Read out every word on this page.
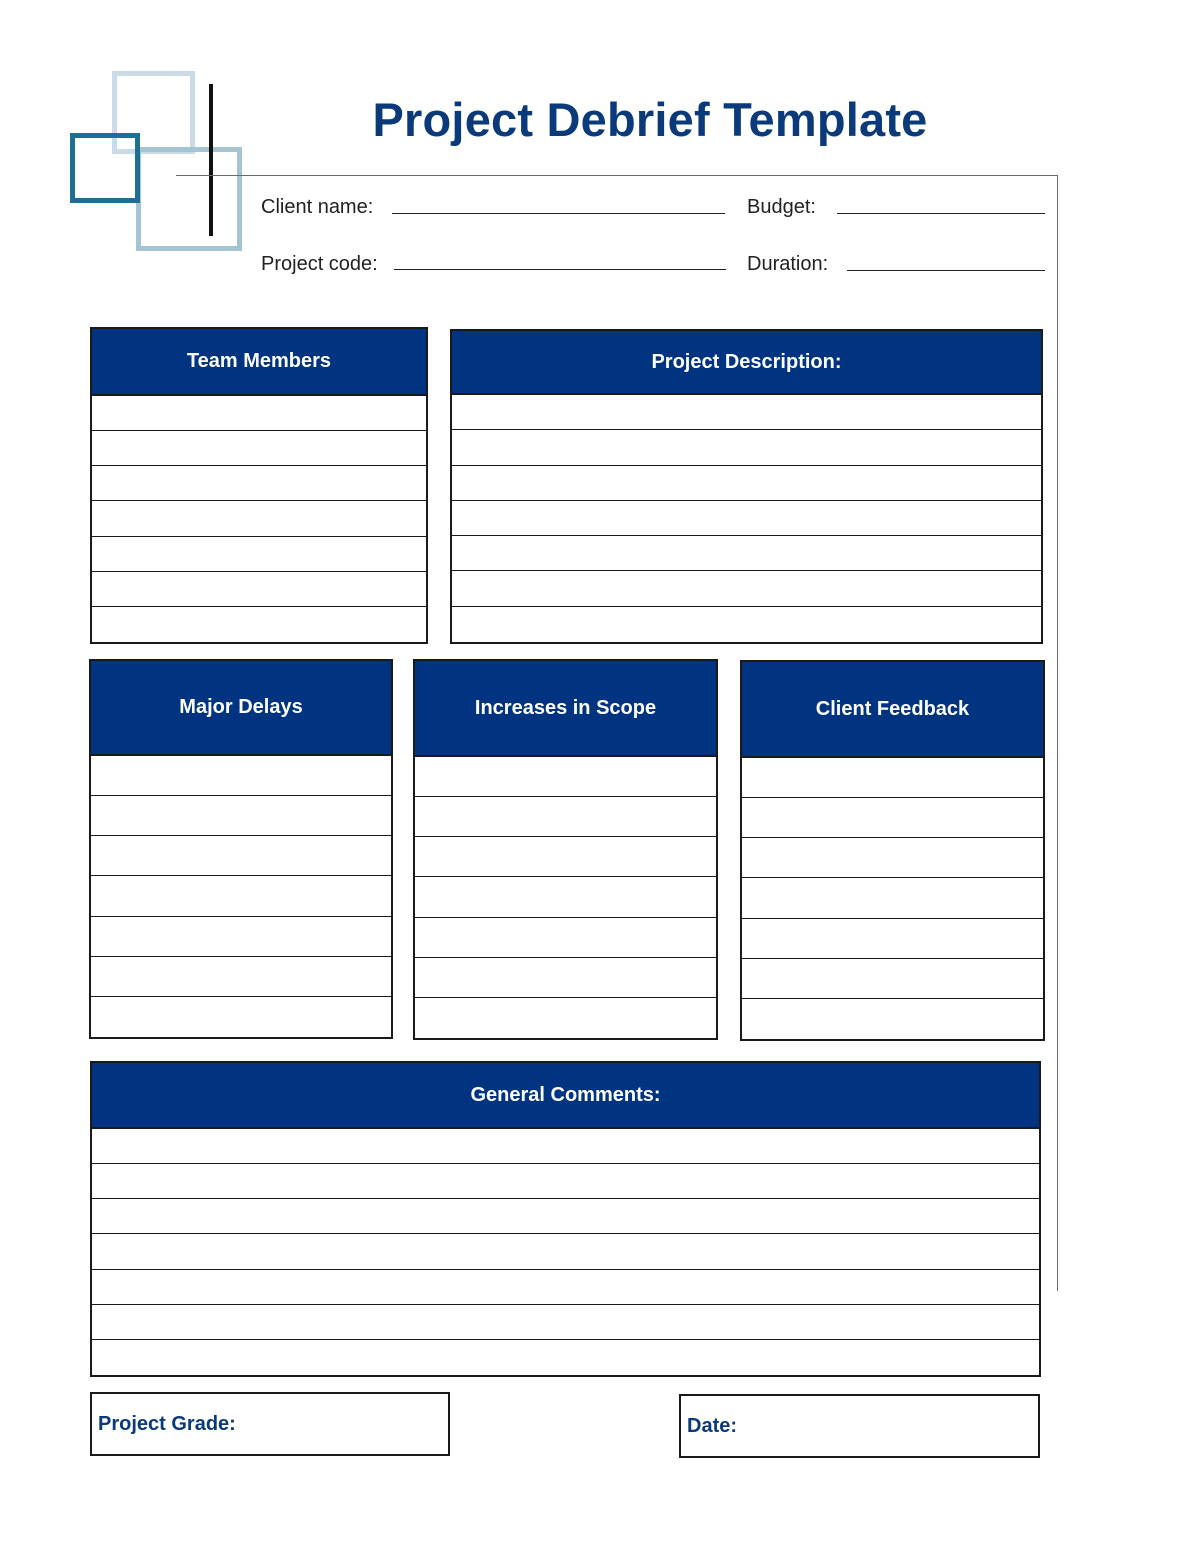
Project Debrief Template
Client name:	Budget:
Project code:	Duration:
Team Members	Project Description:
Major Delays	Increases in Scope	Client Feedback
General Comments:
Project Grade:	Date:
